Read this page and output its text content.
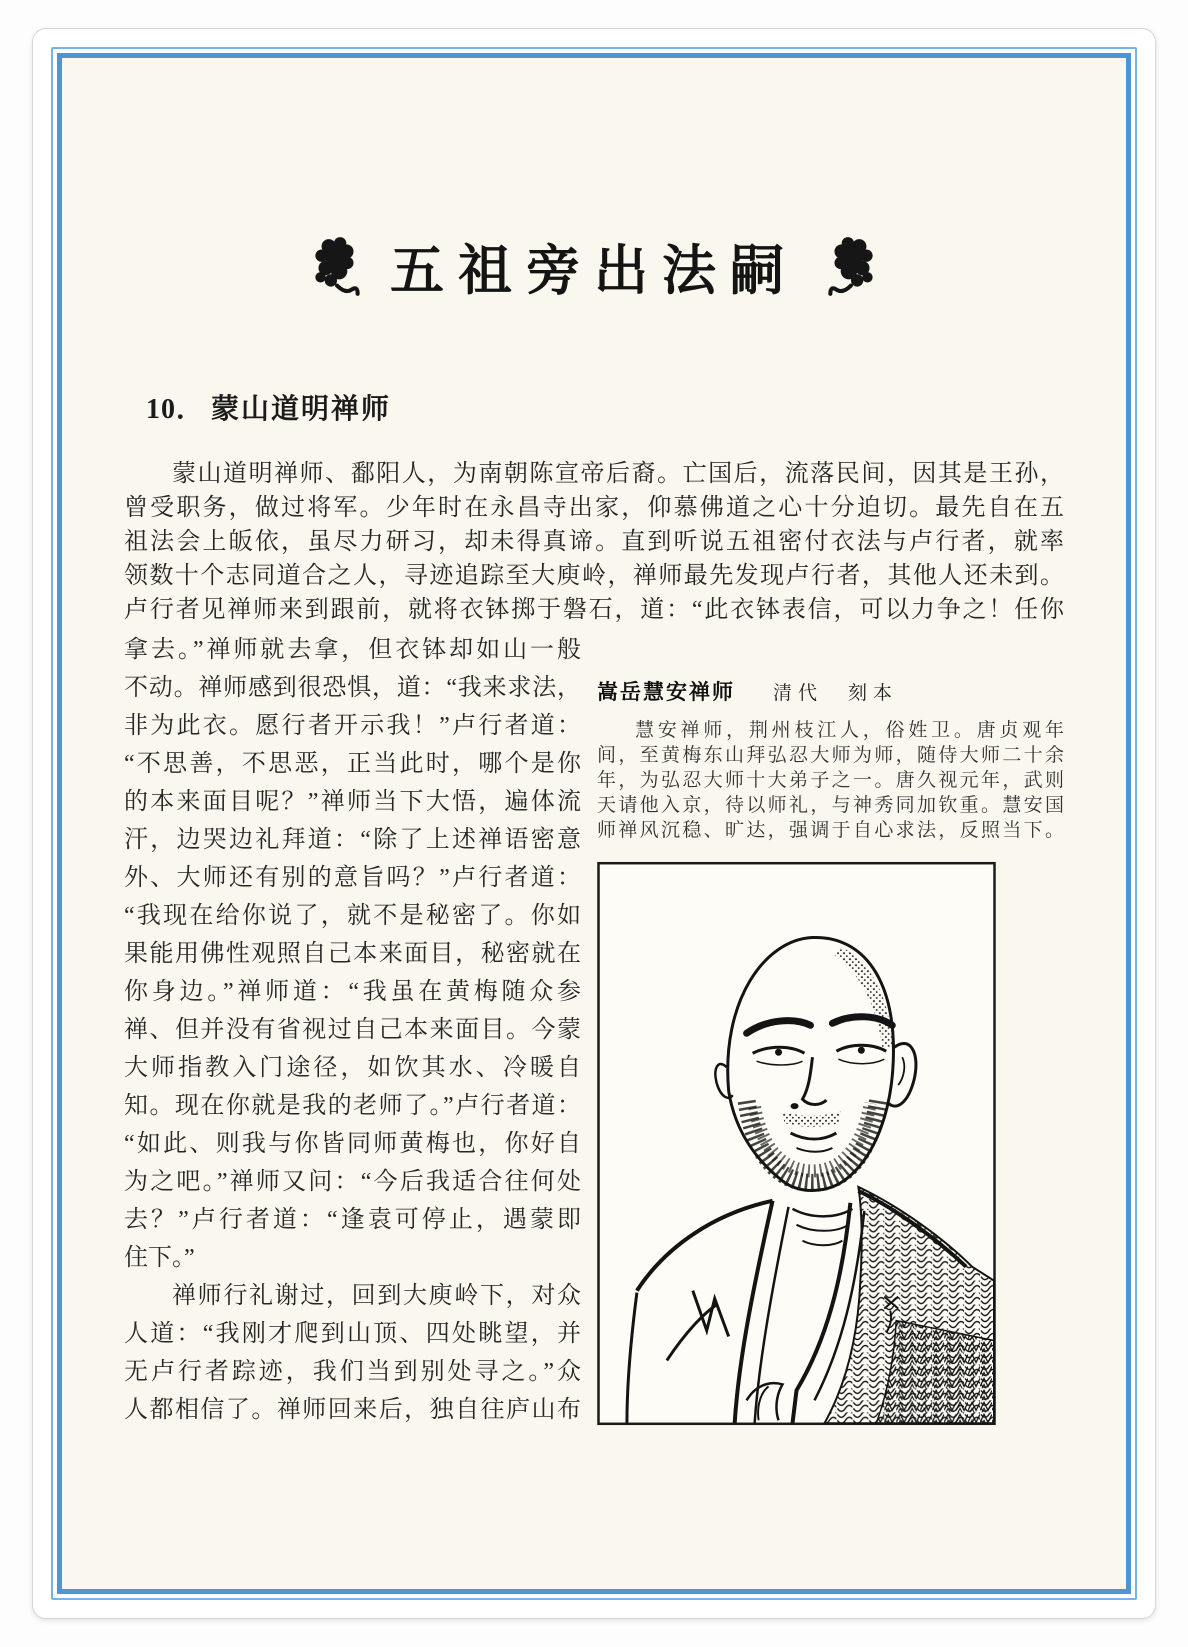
五祖旁出法嗣
10． 蒙山道明禅师
蒙山道明禅师、鄱阳人，为南朝陈宣帝后裔。亡国后，流落民间，因其是王孙，
曾受职务，做过将军。少年时在永昌寺出家，仰慕佛道之心十分迫切。最先自在五
祖法会上皈依，虽尽力研习，却未得真谛。直到听说五祖密付衣法与卢行者，就率
领数十个志同道合之人，寻迹追踪至大庾岭，禅师最先发现卢行者，其他人还未到。
卢行者见禅师来到跟前，就将衣钵掷于磐石，道：“此衣钵表信，可以力争之！任你
拿去。”禅师就去拿，但衣钵却如山一般
不动。禅师感到很恐惧，道：“我来求法，
非为此衣。愿行者开示我！”卢行者道：
“不思善，不思恶，正当此时，哪个是你
的本来面目呢？”禅师当下大悟，遍体流
汗，边哭边礼拜道：“除了上述禅语密意
外、大师还有别的意旨吗？”卢行者道：
“我现在给你说了，就不是秘密了。你如
果能用佛性观照自己本来面目，秘密就在
你身边。”禅师道：“我虽在黄梅随众参
禅、但并没有省视过自己本来面目。今蒙
大师指教入门途径，如饮其水、冷暖自
知。现在你就是我的老师了。”卢行者道：
“如此、则我与你皆同师黄梅也，你好自
为之吧。”禅师又问：“今后我适合往何处
去？”卢行者道：“逢袁可停止，遇蒙即
住下。”
禅师行礼谢过，回到大庾岭下，对众
人道：“我刚才爬到山顶、四处眺望，并
无卢行者踪迹，我们当到别处寻之。”众
人都相信了。禅师回来后，独自往庐山布
嵩岳慧安禅师 清代　刻本
慧安禅师，荆州枝江人，俗姓卫。唐贞观年
间，至黄梅东山拜弘忍大师为师，随侍大师二十余
年，为弘忍大师十大弟子之一。唐久视元年，武则
天请他入京，待以师礼，与神秀同加钦重。慧安国
师禅风沉稳、旷达，强调于自心求法，反照当下。
